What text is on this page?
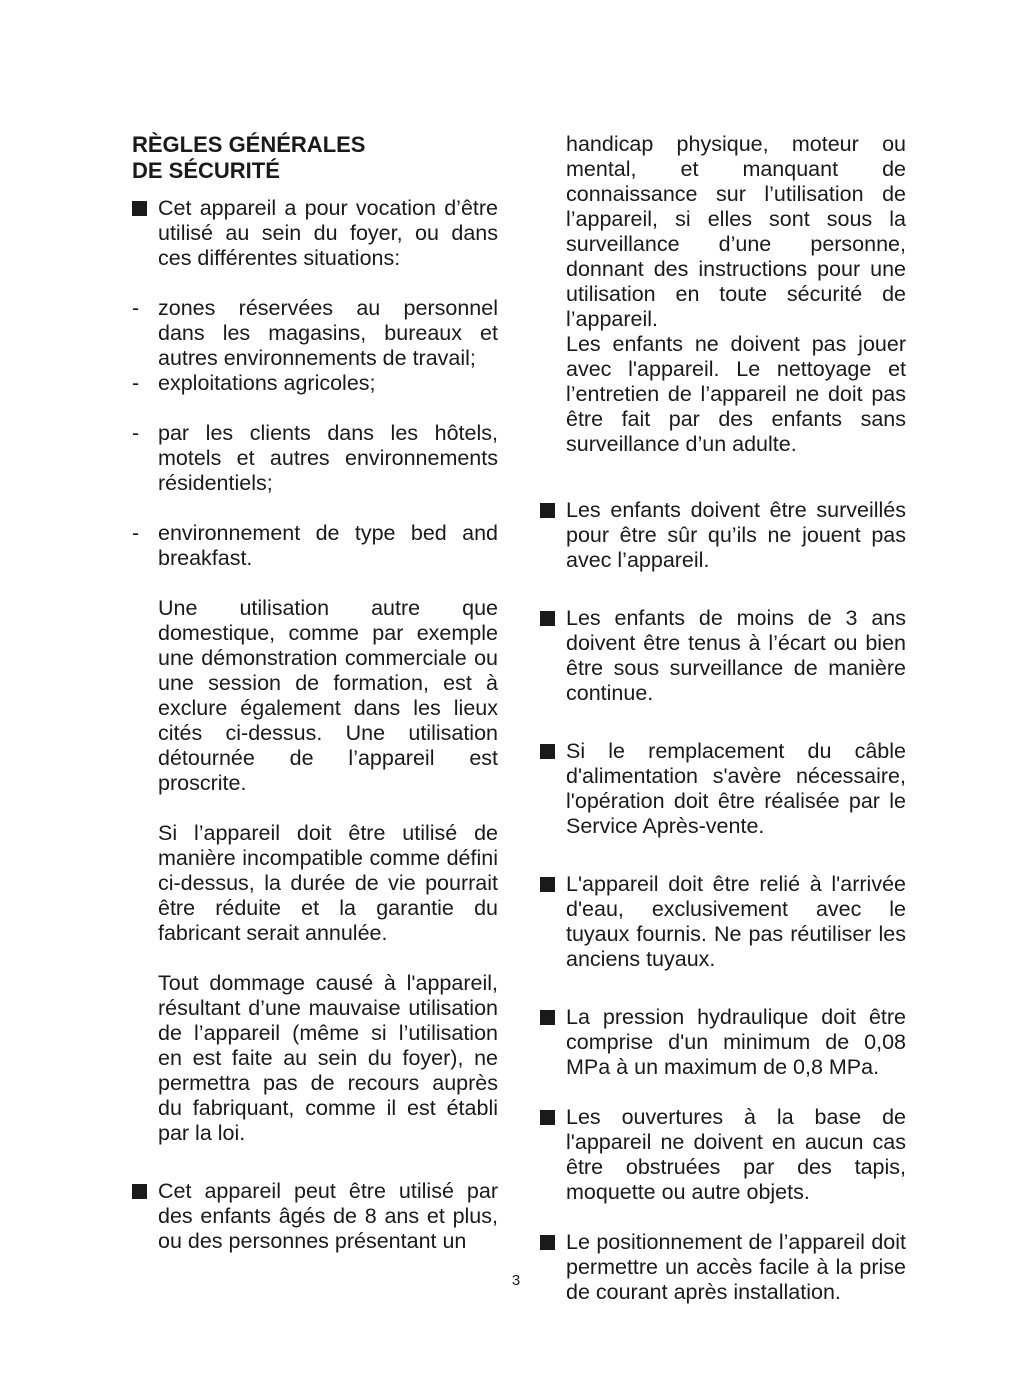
RÈGLES GÉNÉRALES
DE SÉCURITÉ
Cet appareil a pour vocation d’être utilisé au sein du foyer, ou dans ces différentes situations:
- zones réservées au personnel dans les magasins, bureaux et autres environnements de travail;
- exploitations agricoles;
- par les clients dans les hôtels, motels et autres environnements résidentiels;
- environnement de type bed and breakfast.
Une utilisation autre que domestique, comme par exemple une démonstration commerciale ou une session de formation, est à exclure également dans les lieux cités ci-dessus. Une utilisation détournée de l’appareil est proscrite.
Si l’appareil doit être utilisé de manière incompatible comme défini ci-dessus, la durée de vie pourrait être réduite et la garantie du fabricant serait annulée.
Tout dommage causé à l'appareil, résultant d’une mauvaise utilisation de l’appareil (même si l’utilisation en est faite au sein du foyer), ne permettra pas de recours auprès du fabriquant, comme il est établi par la loi.
Cet appareil peut être utilisé par des enfants âgés de 8 ans et plus, ou des personnes présentant un
handicap physique, moteur ou mental, et manquant de connaissance sur l’utilisation de l’appareil, si elles sont sous la surveillance d’une personne, donnant des instructions pour une utilisation en toute sécurité de l’appareil.
Les enfants ne doivent pas jouer avec l'appareil. Le nettoyage et l’entretien de l’appareil ne doit pas être fait par des enfants sans surveillance d’un adulte.
Les enfants doivent être surveillés pour être sûr qu’ils ne jouent pas avec l’appareil.
Les enfants de moins de 3 ans doivent être tenus à l’écart ou bien être sous surveillance de manière continue.
Si le remplacement du câble d'alimentation s'avère nécessaire, l'opération doit être réalisée par le Service Après-vente.
L'appareil doit être relié à l'arrivée d'eau, exclusivement avec le tuyaux fournis. Ne pas réutiliser les anciens tuyaux.
La pression hydraulique doit être comprise d'un minimum de 0,08 MPa à un maximum de 0,8 MPa.
Les ouvertures à la base de l'appareil ne doivent en aucun cas être obstruées par des tapis, moquette ou autre objets.
Le positionnement de l’appareil doit permettre un accès facile à la prise de courant après installation.
3
